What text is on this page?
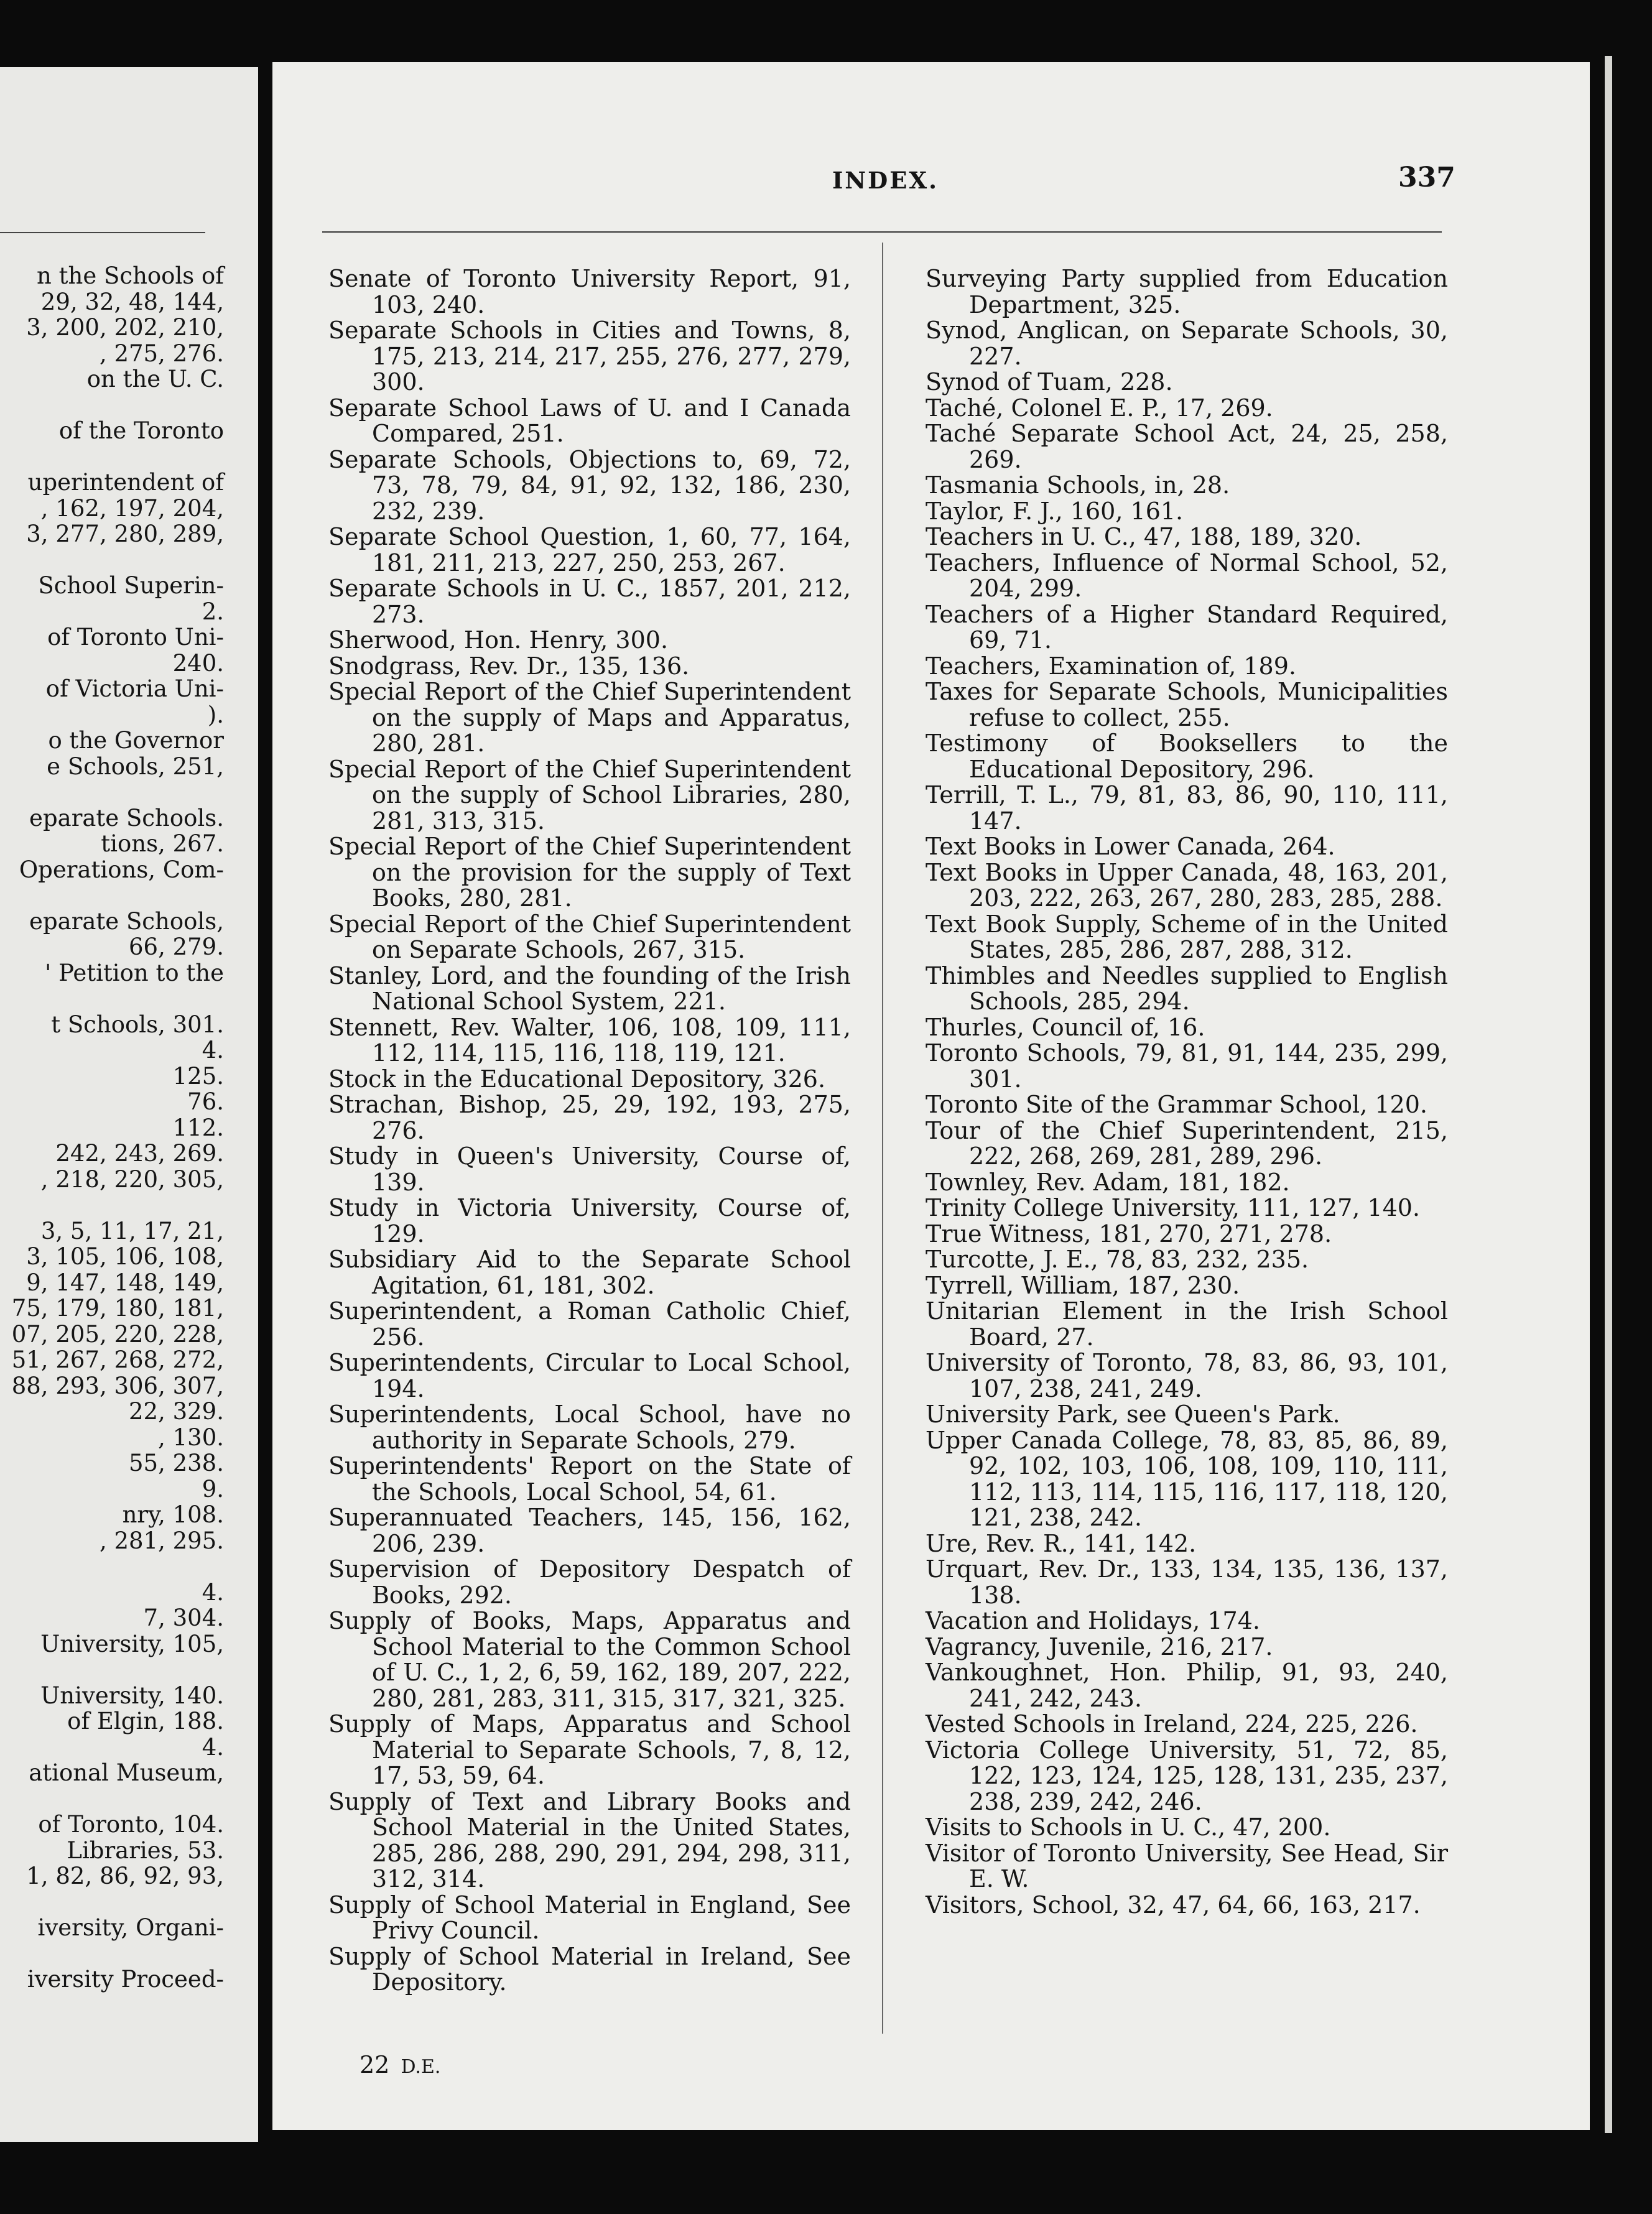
n the Schools of
29, 32, 48, 144,
3, 200, 202, 210,
, 275, 276.
on the U. C.
of the Toronto
uperintendent of
, 162, 197, 204,
3, 277, 280, 289,
School Superin-
2.
of Toronto Uni-
240.
of Victoria Uni-
).
o the Governor
e Schools, 251,
eparate Schools.
tions, 267.
Operations, Com-
eparate Schools,
66, 279.
' Petition to the
t Schools, 301.
4.
125.
76.
112.
242, 243, 269.
, 218, 220, 305,
3, 5, 11, 17, 21,
3, 105, 106, 108,
9, 147, 148, 149,
75, 179, 180, 181,
07, 205, 220, 228,
51, 267, 268, 272,
88, 293, 306, 307,
22, 329.
, 130.
55, 238.
9.
nry, 108.
, 281, 295.
4.
7, 304.
University, 105,
University, 140.
of Elgin, 188.
4.
ational Museum,
of Toronto, 104.
Libraries, 53.
1, 82, 86, 92, 93,
iversity, Organi-
iversity Proceed-
INDEX.	337
Senate of Toronto University Report, 91, 103, 240.
Separate Schools in Cities and Towns, 8, 175, 213, 214, 217, 255, 276, 277, 279, 300.
Separate School Laws of U. and I Canada Compared, 251.
Separate Schools, Objections to, 69, 72, 73, 78, 79, 84, 91, 92, 132, 186, 230, 232, 239.
Separate School Question, 1, 60, 77, 164, 181, 211, 213, 227, 250, 253, 267.
Separate Schools in U. C., 1857, 201, 212, 273.
Sherwood, Hon. Henry, 300.
Snodgrass, Rev. Dr., 135, 136.
Special Report of the Chief Superintendent on the supply of Maps and Apparatus, 280, 281.
Special Report of the Chief Superintendent on the supply of School Libraries, 280, 281, 313, 315.
Special Report of the Chief Superintendent on the provision for the supply of Text Books, 280, 281.
Special Report of the Chief Superintendent on Separate Schools, 267, 315.
Stanley, Lord, and the founding of the Irish National School System, 221.
Stennett, Rev. Walter, 106, 108, 109, 111, 112, 114, 115, 116, 118, 119, 121.
Stock in the Educational Depository, 326.
Strachan, Bishop, 25, 29, 192, 193, 275, 276.
Study in Queen's University, Course of, 139.
Study in Victoria University, Course of, 129.
Subsidiary Aid to the Separate School Agitation, 61, 181, 302.
Superintendent, a Roman Catholic Chief, 256.
Superintendents, Circular to Local School, 194.
Superintendents, Local School, have no authority in Separate Schools, 279.
Superintendents' Report on the State of the Schools, Local School, 54, 61.
Superannuated Teachers, 145, 156, 162, 206, 239.
Supervision of Depository Despatch of Books, 292.
Supply of Books, Maps, Apparatus and School Material to the Common School of U. C., 1, 2, 6, 59, 162, 189, 207, 222, 280, 281, 283, 311, 315, 317, 321, 325.
Supply of Maps, Apparatus and School Material to Separate Schools, 7, 8, 12, 17, 53, 59, 64.
Supply of Text and Library Books and School Material in the United States, 285, 286, 288, 290, 291, 294, 298, 311, 312, 314.
Supply of School Material in England, See Privy Council.
Supply of School Material in Ireland, See Depository.
Surveying Party supplied from Education Department, 325.
Synod, Anglican, on Separate Schools, 30, 227.
Synod of Tuam, 228.
Taché, Colonel E. P., 17, 269.
Taché Separate School Act, 24, 25, 258, 269.
Tasmania Schools, in, 28.
Taylor, F. J., 160, 161.
Teachers in U. C., 47, 188, 189, 320.
Teachers, Influence of Normal School, 52, 204, 299.
Teachers of a Higher Standard Required, 69, 71.
Teachers, Examination of, 189.
Taxes for Separate Schools, Municipalities refuse to collect, 255.
Testimony of Booksellers to the Educational Depository, 296.
Terrill, T. L., 79, 81, 83, 86, 90, 110, 111, 147.
Text Books in Lower Canada, 264.
Text Books in Upper Canada, 48, 163, 201, 203, 222, 263, 267, 280, 283, 285, 288.
Text Book Supply, Scheme of in the United States, 285, 286, 287, 288, 312.
Thimbles and Needles supplied to English Schools, 285, 294.
Thurles, Council of, 16.
Toronto Schools, 79, 81, 91, 144, 235, 299, 301.
Toronto Site of the Grammar School, 120.
Tour of the Chief Superintendent, 215, 222, 268, 269, 281, 289, 296.
Townley, Rev. Adam, 181, 182.
Trinity College University, 111, 127, 140.
True Witness, 181, 270, 271, 278.
Turcotte, J. E., 78, 83, 232, 235.
Tyrrell, William, 187, 230.
Unitarian Element in the Irish School Board, 27.
University of Toronto, 78, 83, 86, 93, 101, 107, 238, 241, 249.
University Park, see Queen's Park.
Upper Canada College, 78, 83, 85, 86, 89, 92, 102, 103, 106, 108, 109, 110, 111, 112, 113, 114, 115, 116, 117, 118, 120, 121, 238, 242.
Ure, Rev. R., 141, 142.
Urquart, Rev. Dr., 133, 134, 135, 136, 137, 138.
Vacation and Holidays, 174.
Vagrancy, Juvenile, 216, 217.
Vankoughnet, Hon. Philip, 91, 93, 240, 241, 242, 243.
Vested Schools in Ireland, 224, 225, 226.
Victoria College University, 51, 72, 85, 122, 123, 124, 125, 128, 131, 235, 237, 238, 239, 242, 246.
Visits to Schools in U. C., 47, 200.
Visitor of Toronto University, See Head, Sir E. W.
Visitors, School, 32, 47, 64, 66, 163, 217.
22 D.E.
